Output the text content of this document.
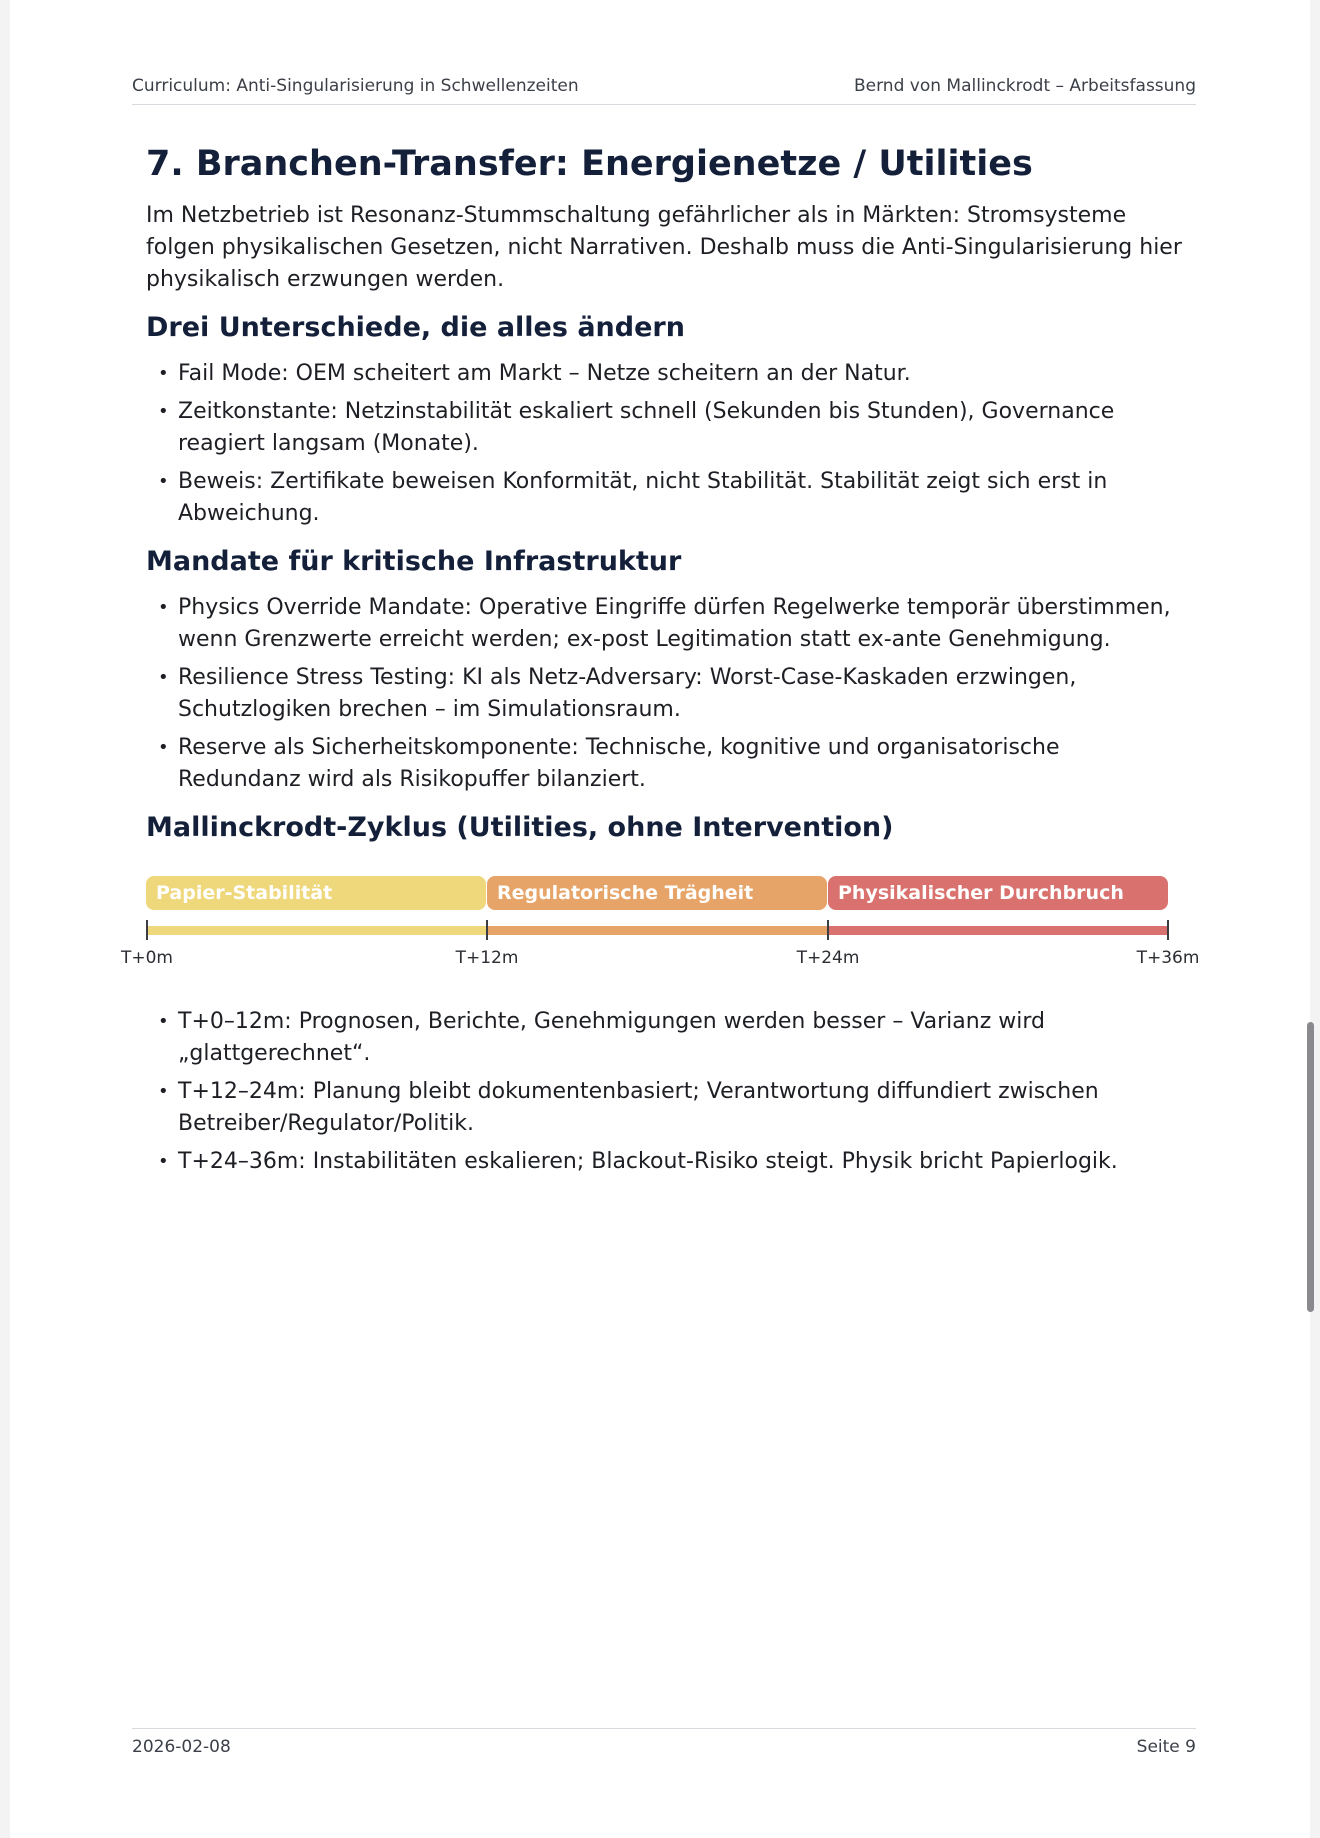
Curriculum: Anti-Singularisierung in Schwellenzeiten	Bernd von Mallinckrodt – Arbeitsfassung
7. Branchen-Transfer: Energienetze / Utilities

Im Netzbetrieb ist Resonanz-Stummschaltung gefährlicher als in Märkten: Stromsysteme folgen physikalischen Gesetzen, nicht Narrativen. Deshalb muss die Anti-Singularisierung hier physikalisch erzwungen werden.

Drei Unterschiede, die alles ändern
• Fail Mode: OEM scheitert am Markt – Netze scheitern an der Natur.
• Zeitkonstante: Netzinstabilität eskaliert schnell (Sekunden bis Stunden), Governance reagiert langsam (Monate).
• Beweis: Zertifikate beweisen Konformität, nicht Stabilität. Stabilität zeigt sich erst in Abweichung.
Mandate für kritische Infrastruktur
• Physics Override Mandate: Operative Eingriffe dürfen Regelwerke temporär überstimmen, wenn Grenzwerte erreicht werden; ex-post Legitimation statt ex-ante Genehmigung.
• Resilience Stress Testing: KI als Netz-Adversary: Worst-Case-Kaskaden erzwingen, Schutzlogiken brechen – im Simulationsraum.
• Reserve als Sicherheitskomponente: Technische, kognitive und organisatorische Redundanz wird als Risikopuffer bilanziert.
Mallinckrodt-Zyklus (Utilities, ohne Intervention)
Papier-Stabilität	Regulatorische Trägheit	Physikalischer Durchbruch
T+0m	T+12m	T+24m	T+36m
• T+0–12m: Prognosen, Berichte, Genehmigungen werden besser – Varianz wird „glattgerechnet“.
• T+12–24m: Planung bleibt dokumentenbasiert; Verantwortung diffundiert zwischen Betreiber/Regulator/Politik.
• T+24–36m: Instabilitäten eskalieren; Blackout-Risiko steigt. Physik bricht Papierlogik.
2026-02-08	Seite 9
